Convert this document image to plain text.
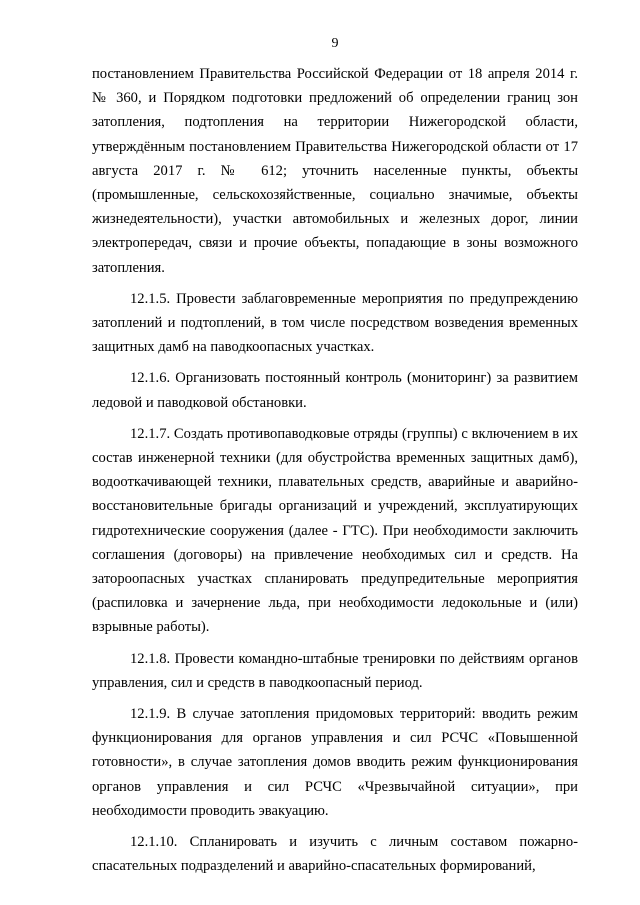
9

постановлением Правительства Российской Федерации от 18 апреля 2014 г. № 360, и Порядком подготовки предложений об определении границ зон затопления, подтопления на территории Нижегородской области, утверждённым постановлением Правительства Нижегородской области от 17 августа 2017 г. № 612; уточнить населенные пункты, объекты (промышленные, сельскохозяйственные, социально значимые, объекты жизнедеятельности), участки автомобильных и железных дорог, линии электропередач, связи и прочие объекты, попадающие в зоны возможного затопления.

12.1.5. Провести заблаговременные мероприятия по предупреждению затоплений и подтоплений, в том числе посредством возведения временных защитных дамб на паводкоопасных участках.

12.1.6. Организовать постоянный контроль (мониторинг) за развитием ледовой и паводковой обстановки.

12.1.7. Создать противопаводковые отряды (группы) с включением в их состав инженерной техники (для обустройства временных защитных дамб), водооткачивающей техники, плавательных средств, аварийные и аварийно-восстановительные бригады организаций и учреждений, эксплуатирующих гидротехнические сооружения (далее - ГТС). При необходимости заключить соглашения (договоры) на привлечение необходимых сил и средств. На затороопасных участках спланировать предупредительные мероприятия (распиловка и зачернение льда, при необходимости ледокольные и (или) взрывные работы).

12.1.8. Провести командно-штабные тренировки по действиям органов управления, сил и средств в паводкоопасный период.

12.1.9. В случае затопления придомовых территорий: вводить режим функционирования для органов управления и сил РСЧС «Повышенной готовности», в случае затопления домов вводить режим функционирования органов управления и сил РСЧС «Чрезвычайной ситуации», при необходимости проводить эвакуацию.

12.1.10. Спланировать и изучить с личным составом пожарно-спасательных подразделений и аварийно-спасательных формирований,
